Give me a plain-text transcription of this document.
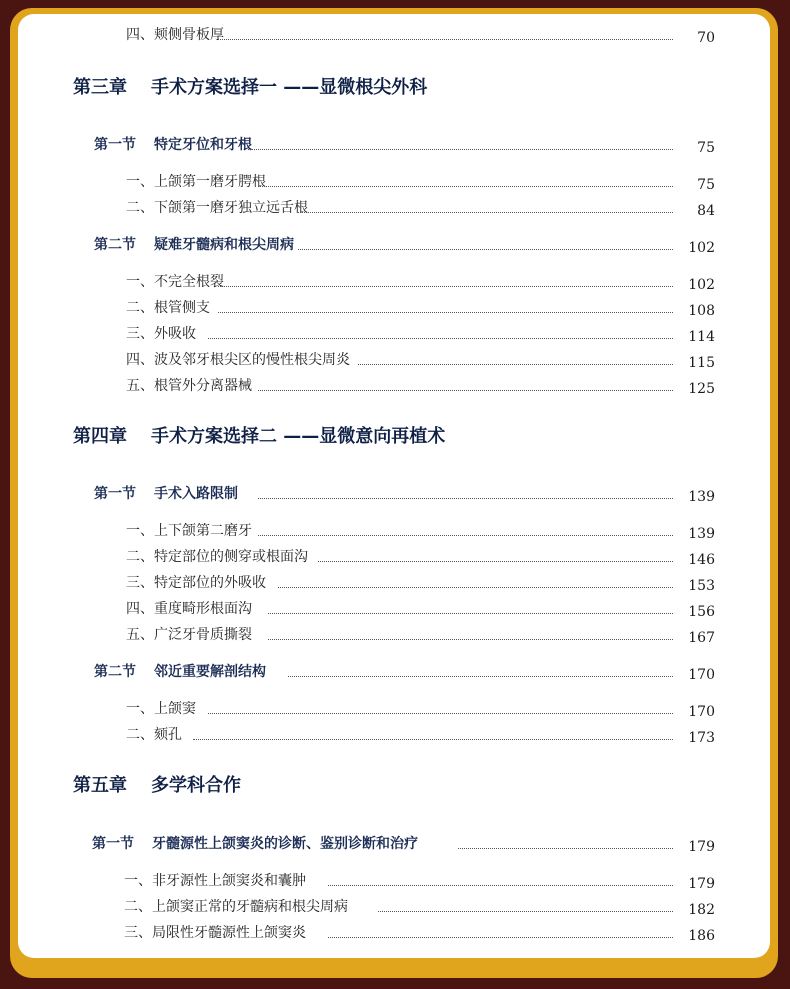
四、颊侧骨板厚	70
第三章 手术方案选择一 ——显微根尖外科
第一节 特定牙位和牙根	75
一、上颌第一磨牙腭根	75
二、下颌第一磨牙独立远舌根	84
第二节 疑难牙髓病和根尖周病	102
一、不完全根裂	102
二、根管侧支	108
三、外吸收	114
四、波及邻牙根尖区的慢性根尖周炎	115
五、根管外分离器械	125
第四章 手术方案选择二 ——显微意向再植术
第一节 手术入路限制	139
一、上下颌第二磨牙	139
二、特定部位的侧穿或根面沟	146
三、特定部位的外吸收	153
四、重度畸形根面沟	156
五、广泛牙骨质撕裂	167
第二节 邻近重要解剖结构	170
一、上颌窦	170
二、颏孔	173
第五章 多学科合作
第一节 牙髓源性上颌窦炎的诊断、鉴别诊断和治疗	179
一、非牙源性上颌窦炎和囊肿	179
二、上颌窦正常的牙髓病和根尖周病	182
三、局限性牙髓源性上颌窦炎	186
